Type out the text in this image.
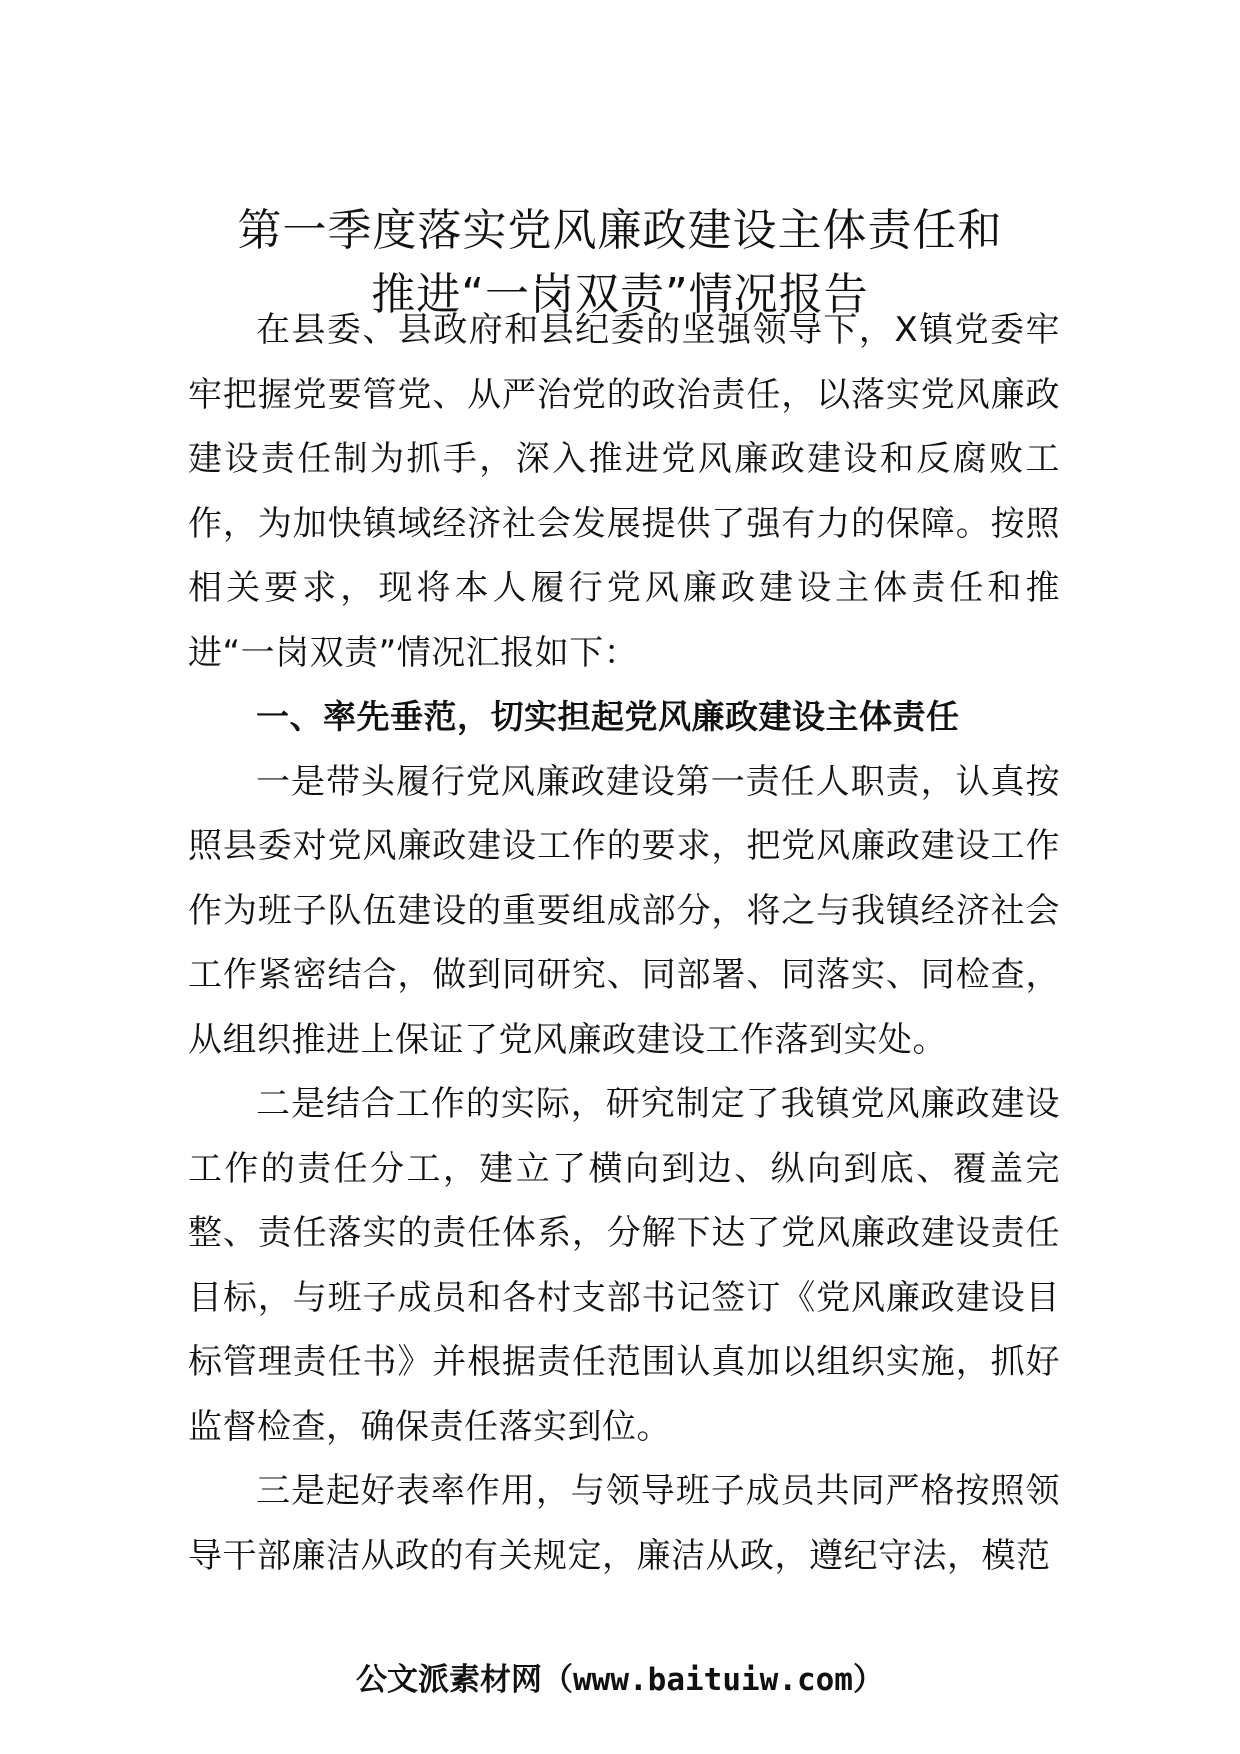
第一季度落实党风廉政建设主体责任和
推进“一岗双责”情况报告

在县委、县政府和县纪委的坚强领导下，X镇党委牢牢把握党要管党、从严治党的政治责任，以落实党风廉政建设责任制为抓手，深入推进党风廉政建设和反腐败工作，为加快镇域经济社会发展提供了强有力的保障。按照相关要求，现将本人履行党风廉政建设主体责任和推进“一岗双责”情况汇报如下：

一、率先垂范，切实担起党风廉政建设主体责任

一是带头履行党风廉政建设第一责任人职责，认真按照县委对党风廉政建设工作的要求，把党风廉政建设工作作为班子队伍建设的重要组成部分，将之与我镇经济社会工作紧密结合，做到同研究、同部署、同落实、同检查，从组织推进上保证了党风廉政建设工作落到实处。

二是结合工作的实际，研究制定了我镇党风廉政建设工作的责任分工，建立了横向到边、纵向到底、覆盖完整、责任落实的责任体系，分解下达了党风廉政建设责任目标，与班子成员和各村支部书记签订《党风廉政建设目标管理责任书》并根据责任范围认真加以组织实施，抓好监督检查，确保责任落实到位。

三是起好表率作用，与领导班子成员共同严格按照领导干部廉洁从政的有关规定，廉洁从政，遵纪守法，模范

公文派素材网（www.baituiw.com）
